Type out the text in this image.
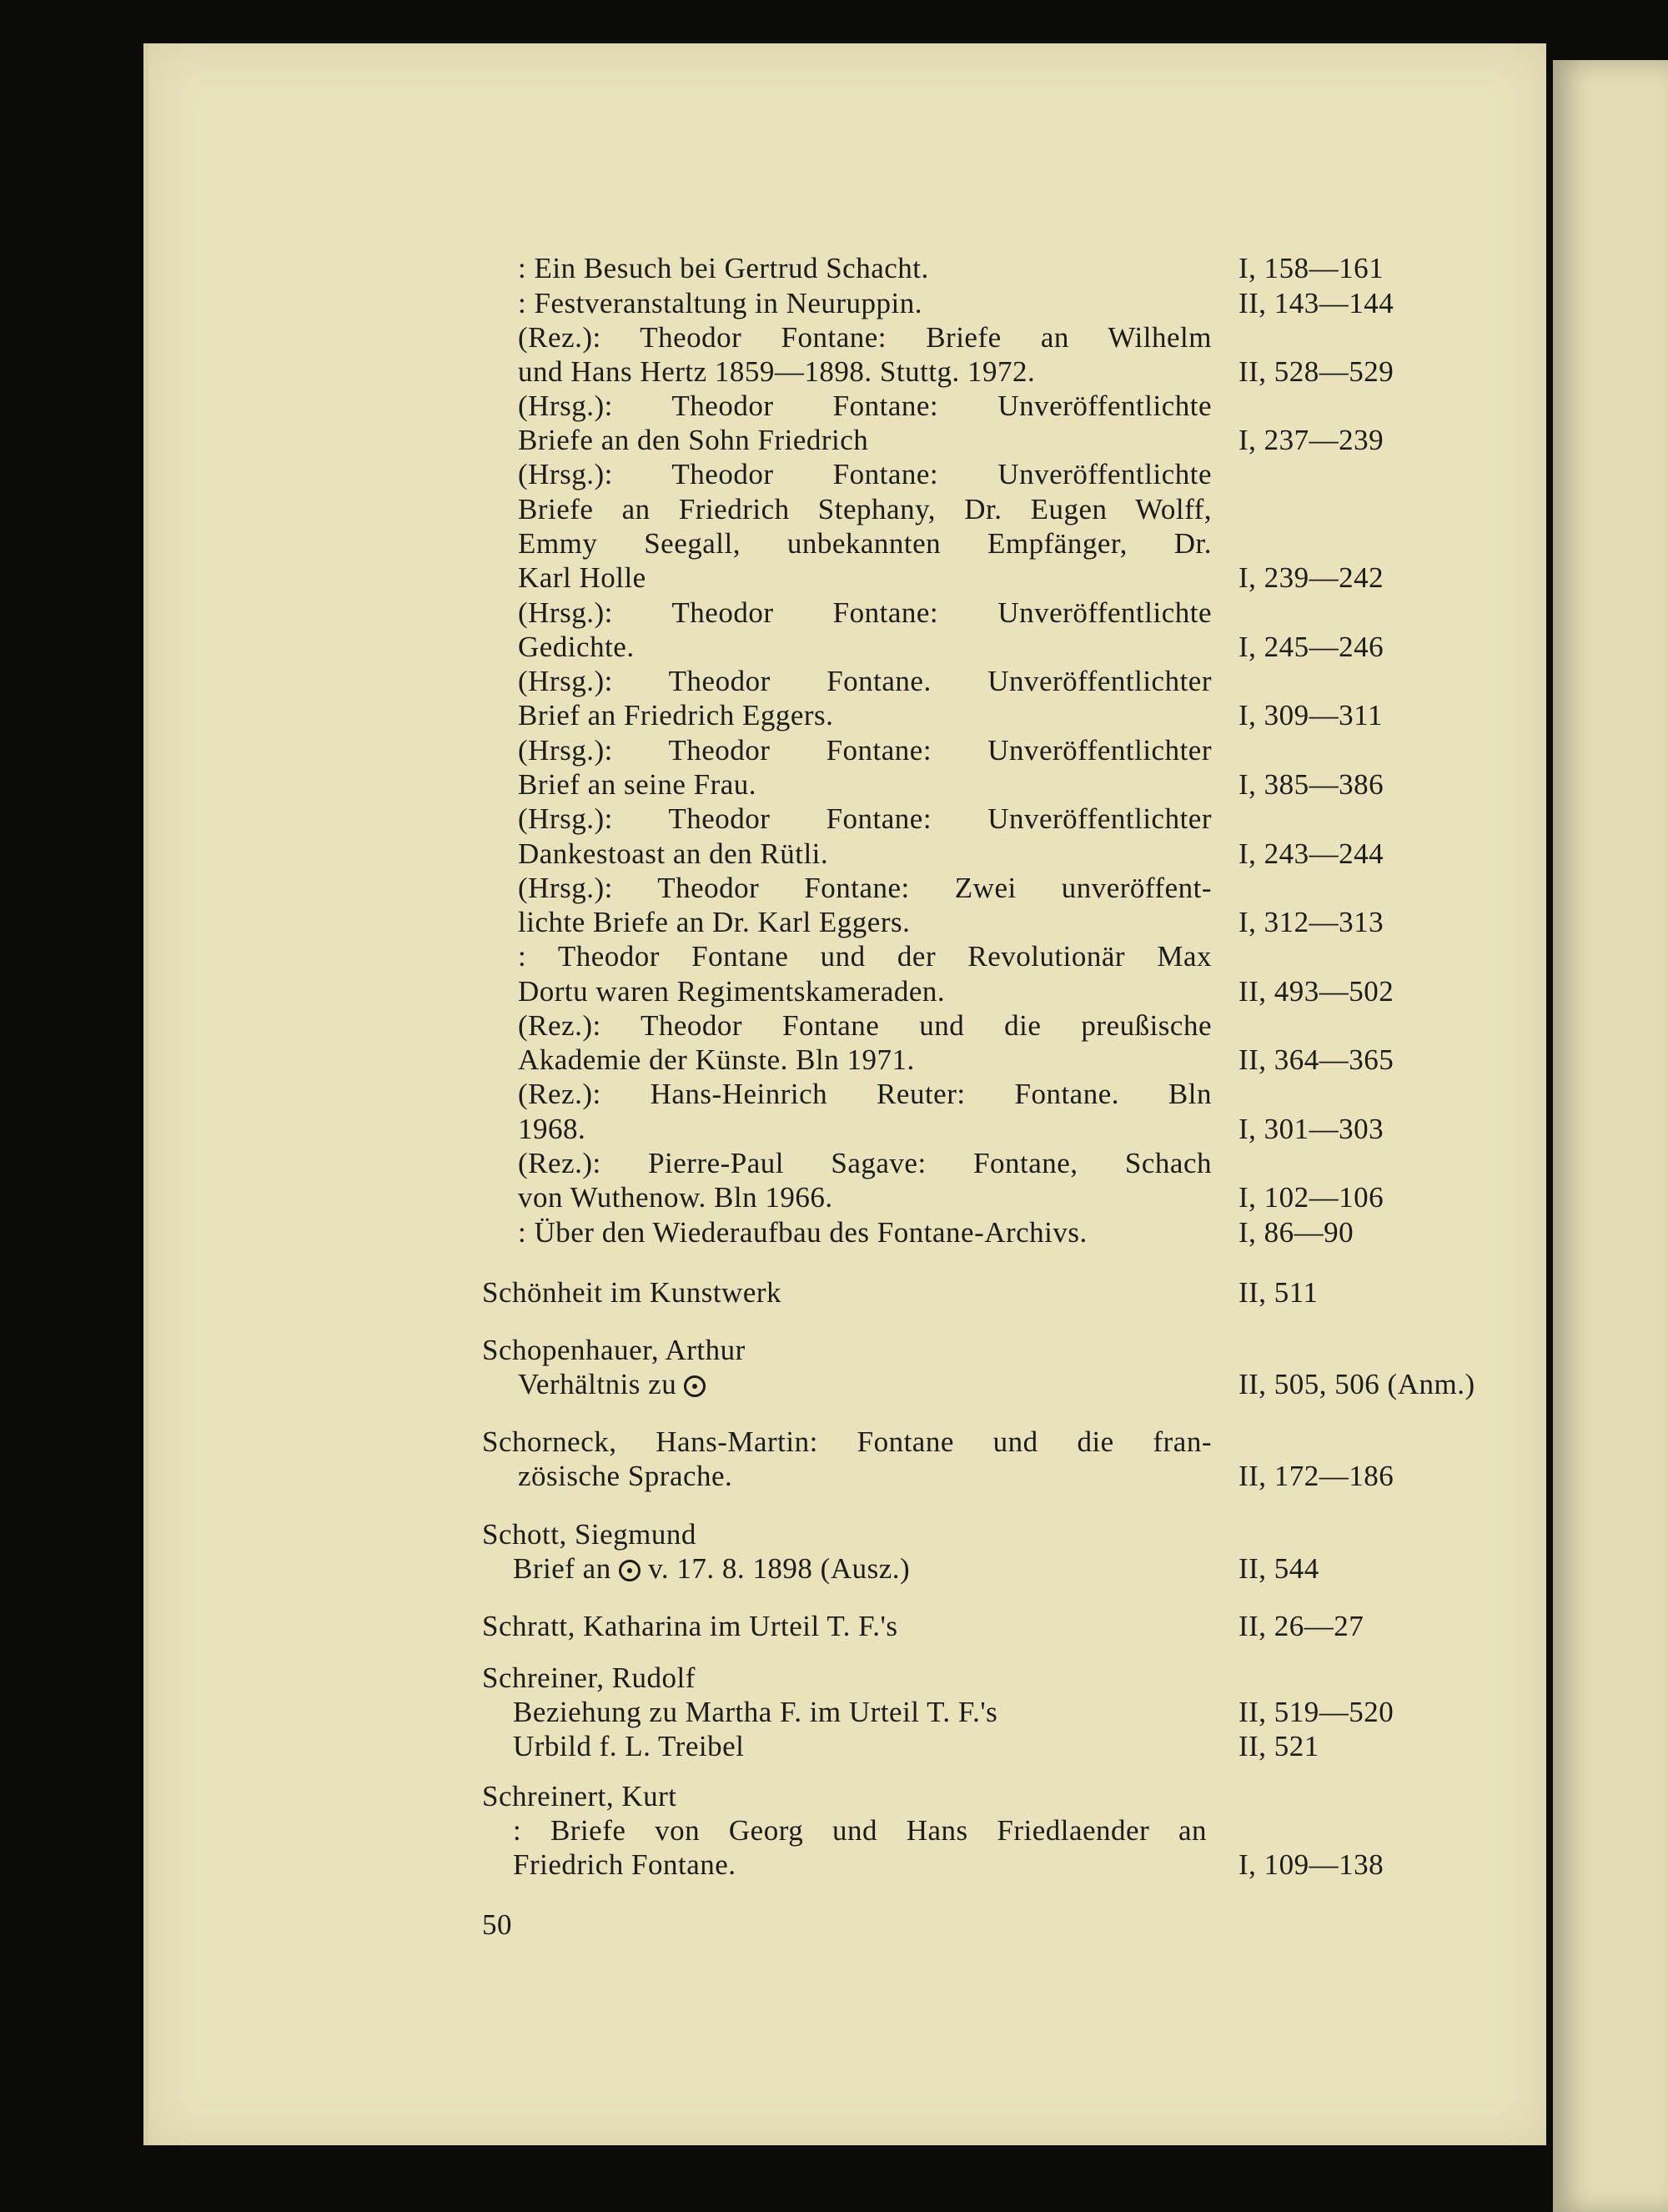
: Ein Besuch bei Gertrud Schacht.	I, 158—161
: Festveranstaltung in Neuruppin.	II, 143—144
(Rez.): Theodor Fontane: Briefe an Wilhelm
und Hans Hertz 1859—1898. Stuttg. 1972.	II, 528—529
(Hrsg.): Theodor Fontane: Unveröffentlichte
Briefe an den Sohn Friedrich	I, 237—239
(Hrsg.): Theodor Fontane: Unveröffentlichte
Briefe an Friedrich Stephany, Dr. Eugen Wolff,
Emmy Seegall, unbekannten Empfänger, Dr.
Karl Holle	I, 239—242
(Hrsg.): Theodor Fontane: Unveröffentlichte
Gedichte.	I, 245—246
(Hrsg.): Theodor Fontane. Unveröffentlichter
Brief an Friedrich Eggers.	I, 309—311
(Hrsg.): Theodor Fontane: Unveröffentlichter
Brief an seine Frau.	I, 385—386
(Hrsg.): Theodor Fontane: Unveröffentlichter
Dankestoast an den Rütli.	I, 243—244
(Hrsg.): Theodor Fontane: Zwei unveröffent-
lichte Briefe an Dr. Karl Eggers.	I, 312—313
: Theodor Fontane und der Revolutionär Max
Dortu waren Regimentskameraden.	II, 493—502
(Rez.): Theodor Fontane und die preußische
Akademie der Künste. Bln 1971.	II, 364—365
(Rez.): Hans-Heinrich Reuter: Fontane. Bln
1968.	I, 301—303
(Rez.): Pierre-Paul Sagave: Fontane, Schach
von Wuthenow. Bln 1966.	I, 102—106
: Über den Wiederaufbau des Fontane-Archivs.	I, 86—90
Schönheit im Kunstwerk	II, 511
Schopenhauer, Arthur
Verhältnis zu	II, 505, 506 (Anm.)
Schorneck, Hans-Martin: Fontane und die fran-
zösische Sprache.	II, 172—186
Schott, Siegmund
Brief an v. 17. 8. 1898 (Ausz.)	II, 544
Schratt, Katharina im Urteil T. F.'s	II, 26—27
Schreiner, Rudolf
Beziehung zu Martha F. im Urteil T. F.'s	II, 519—520
Urbild f. L. Treibel	II, 521
Schreinert, Kurt
: Briefe von Georg und Hans Friedlaender an
Friedrich Fontane.	I, 109—138
50
